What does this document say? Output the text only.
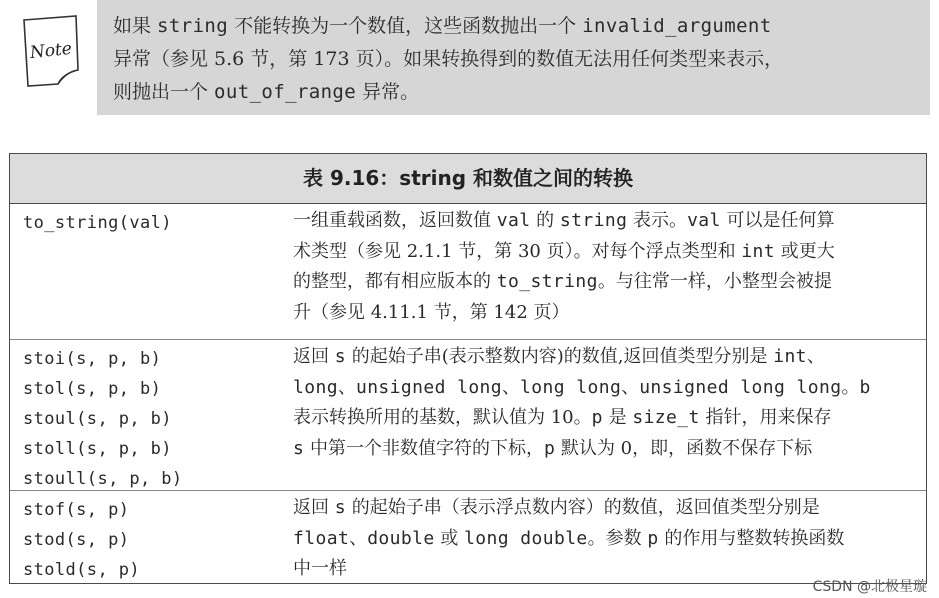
Note
如果 string 不能转换为一个数值，这些函数抛出一个 invalid_argument
异常（参见 5.6 节，第 173 页）。如果转换得到的数值无法用任何类型来表示，
则抛出一个 out_of_range 异常。
表 9.16：string 和数值之间的转换
to_string(val)	一组重载函数，返回数值 val 的 string 表示。val 可以是任何算
术类型（参见 2.1.1 节，第 30 页）。对每个浮点类型和 int 或更大
的整型，都有相应版本的 to_string。与往常一样，小整型会被提
升（参见 4.11.1 节，第 142 页）
stoi(s, p, b)
stol(s, p, b)
stoul(s, p, b)
stoll(s, p, b)
stoull(s, p, b)
返回 s 的起始子串(表示整数内容)的数值,返回值类型分别是 int、
long、unsigned long、long long、unsigned long long。b
表示转换所用的基数，默认值为 10。p 是 size_t 指针，用来保存
s 中第一个非数值字符的下标，p 默认为 0，即，函数不保存下标
stof(s, p)
stod(s, p)
stold(s, p)
返回 s 的起始子串（表示浮点数内容）的数值，返回值类型分别是
float、double 或 long double。参数 p 的作用与整数转换函数
中一样
CSDN @北极星璇
